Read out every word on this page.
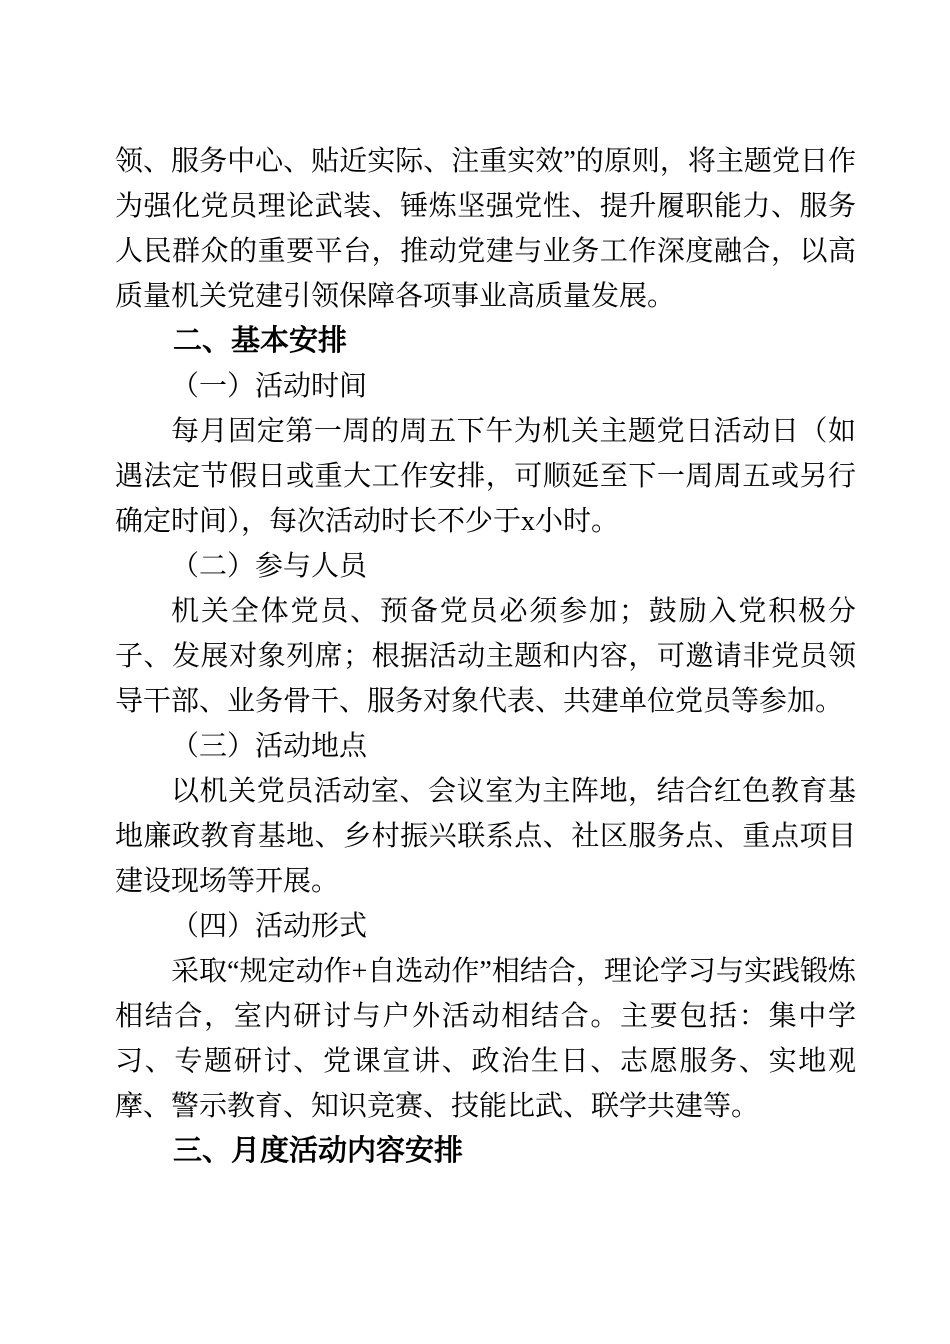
领、服务中心、贴近实际、注重实效”的原则，将主题党日作为强化党员理论武装、锤炼坚强党性、提升履职能力、服务人民群众的重要平台，推动党建与业务工作深度融合，以高质量机关党建引领保障各项事业高质量发展。

二、基本安排

（一）活动时间

每月固定第一周的周五下午为机关主题党日活动日（如遇法定节假日或重大工作安排，可顺延至下一周周五或另行确定时间），每次活动时长不少于x小时。

（二）参与人员

机关全体党员、预备党员必须参加；鼓励入党积极分子、发展对象列席；根据活动主题和内容，可邀请非党员领导干部、业务骨干、服务对象代表、共建单位党员等参加。

（三）活动地点

以机关党员活动室、会议室为主阵地，结合红色教育基地廉政教育基地、乡村振兴联系点、社区服务点、重点项目建设现场等开展。

（四）活动形式

采取“规定动作+自选动作”相结合，理论学习与实践锻炼相结合，室内研讨与户外活动相结合。主要包括：集中学习、专题研讨、党课宣讲、政治生日、志愿服务、实地观摩、警示教育、知识竞赛、技能比武、联学共建等。

三、月度活动内容安排
